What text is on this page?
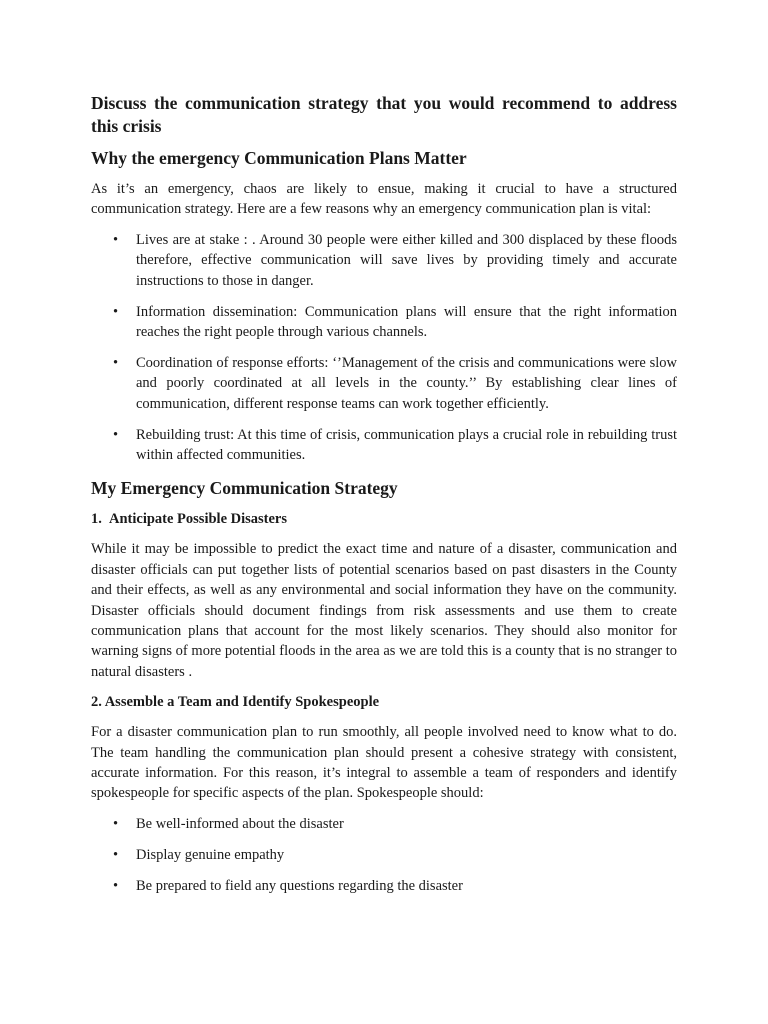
Discuss the communication strategy that you would recommend to address this crisis
Why the emergency Communication Plans Matter

As it’s an emergency, chaos are likely to ensue, making it crucial to have a structured communication strategy. Here are a few reasons why an emergency communication plan is vital:

• Lives are at stake : . Around 30 people were either killed and 300 displaced by these floods therefore, effective communication will save lives by providing timely and accurate instructions to those in danger.
• Information dissemination: Communication plans will ensure that the right information reaches the right people through various channels.
• Coordination of response efforts: ‘’Management of the crisis and communications were slow and poorly coordinated at all levels in the county.’’ By establishing clear lines of communication, different response teams can work together efficiently.
• Rebuilding trust: At this time of crisis, communication plays a crucial role in rebuilding trust within affected communities.
My Emergency Communication Strategy
1. Anticipate Possible Disasters

While it may be impossible to predict the exact time and nature of a disaster, communication and disaster officials can put together lists of potential scenarios based on past disasters in the County and their effects, as well as any environmental and social information they have on the community. Disaster officials should document findings from risk assessments and use them to create communication plans that account for the most likely scenarios. They should also monitor for warning signs of more potential floods in the area as we are told this is a county that is no stranger to natural disasters .

2. Assemble a Team and Identify Spokespeople

For a disaster communication plan to run smoothly, all people involved need to know what to do. The team handling the communication plan should present a cohesive strategy with consistent, accurate information. For this reason, it’s integral to assemble a team of responders and identify spokespeople for specific aspects of the plan. Spokespeople should:

• Be well-informed about the disaster
• Display genuine empathy
• Be prepared to field any questions regarding the disaster
